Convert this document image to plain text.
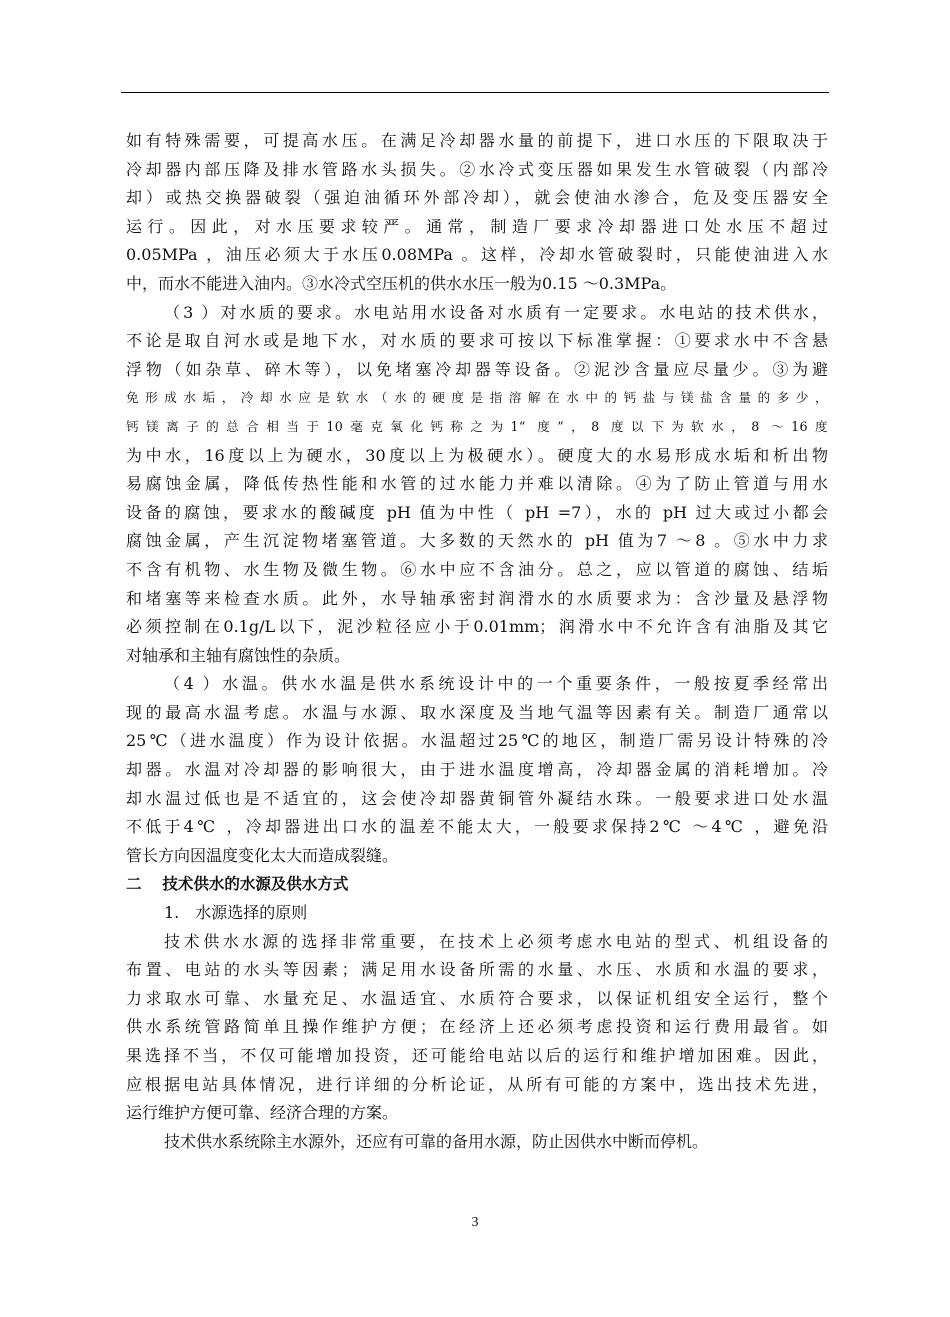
如有特殊需要，可提高水压。在满足冷却器水量的前提下，进口水压的下限取决于
冷却器内部压降及排水管路水头损失。②水冷式变压器如果发生水管破裂（内部冷
却）或热交换器破裂（强迫油循环外部冷却），就会使油水渗合，危及变压器安全
运行。因此，对水压要求较严。通常，制造厂要求冷却器进口处水压不超过
0.05MPa ，油压必须大于水压0.08MPa 。这样，冷却水管破裂时，只能使油进入水
中，而水不能进入油内。③水冷式空压机的供水水压一般为0.15 ～0.3MPa。
（3 ）对水质的要求。水电站用水设备对水质有一定要求。水电站的技术供水，
不论是取自河水或是地下水，对水质的要求可按以下标准掌握：①要求水中不含悬
浮物（如杂草、碎木等），以免堵塞冷却器等设备。②泥沙含量应尽量少。③为避
免形成水垢，冷却水应是软水（水的硬度是指溶解在水中的钙盐与镁盐含量的多少，
钙镁离子的总合相当于10毫克氧化钙称之为1“ 度”，8 度以下为软水，8 ～16度
为中水，16度以上为硬水，30度以上为极硬水）。硬度大的水易形成水垢和析出物
易腐蚀金属，降低传热性能和水管的过水能力并难以清除。④为了防止管道与用水
设备的腐蚀，要求水的酸碱度 pH 值为中性（ pH =7），水的 pH 过大或过小都会
腐蚀金属，产生沉淀物堵塞管道。大多数的天然水的 pH 值为7 ～8 。⑤水中力求
不含有机物、水生物及微生物。⑥水中应不含油分。总之，应以管道的腐蚀、结垢
和堵塞等来检查水质。此外，水导轴承密封润滑水的水质要求为：含沙量及悬浮物
必须控制在0.1g/L以下，泥沙粒径应小于0.01mm；润滑水中不允许含有油脂及其它
对轴承和主轴有腐蚀性的杂质。
（4 ）水温。供水水温是供水系统设计中的一个重要条件，一般按夏季经常出
现的最高水温考虑。水温与水源、取水深度及当地气温等因素有关。制造厂通常以
25℃（进水温度）作为设计依据。水温超过25℃的地区，制造厂需另设计特殊的冷
却器。水温对冷却器的影响很大，由于进水温度增高，冷却器金属的消耗增加。冷
却水温过低也是不适宜的，这会使冷却器黄铜管外凝结水珠。一般要求进口处水温
不低于4℃ ，冷却器进出口水的温差不能太大，一般要求保持2℃ ～4℃ ，避免沿
管长方向因温度变化太大而造成裂缝。
二　 技术供水的水源及供水方式
1.　水源选择的原则
技术供水水源的选择非常重要，在技术上必须考虑水电站的型式、机组设备的
布置、电站的水头等因素；满足用水设备所需的水量、水压、水质和水温的要求，
力求取水可靠、水量充足、水温适宜、水质符合要求，以保证机组安全运行，整个
供水系统管路简单且操作维护方便；在经济上还必须考虑投资和运行费用最省。如
果选择不当，不仅可能增加投资，还可能给电站以后的运行和维护增加困难。因此，
应根据电站具体情况，进行详细的分析论证，从所有可能的方案中，选出技术先进，
运行维护方便可靠、经济合理的方案。
技术供水系统除主水源外，还应有可靠的备用水源，防止因供水中断而停机。
3
